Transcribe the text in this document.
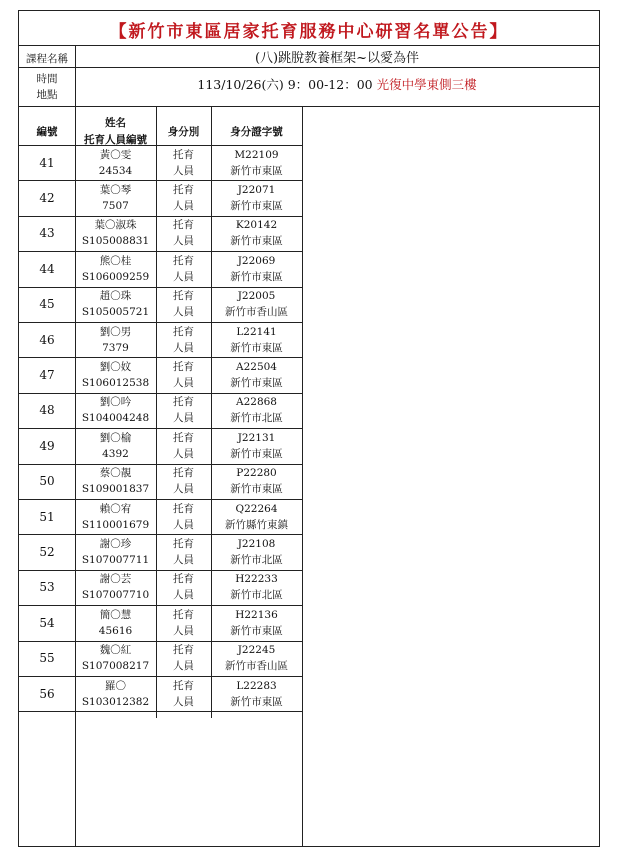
【新竹市東區居家托育服務中心研習名單公告】
課程名稱	(八)跳脫教養框架~以愛為伴
時間
地點
113/10/26(六) 9：00-12：00 光復中學東側三樓
編號
姓名
托育人員編號
身分別	身分證字號
41
黃〇雯
24534
托育
人員
M22109
新竹市東區
42
葉〇琴
7507
托育
人員
J22071
新竹市東區
43
葉〇淑珠
S105008831
托育
人員
K20142
新竹市東區
44
熊〇桂
S106009259
托育
人員
J22069
新竹市東區
45
趙〇珠
S105005721
托育
人員
J22005
新竹市香山區
46
劉〇男
7379
托育
人員
L22141
新竹市東區
47
劉〇妏
S106012538
托育
人員
A22504
新竹市東區
48
劉〇吟
S104004248
托育
人員
A22868
新竹市北區
49
劉〇榆
4392
托育
人員
J22131
新竹市東區
50
蔡〇靚
S109001837
托育
人員
P22280
新竹市東區
51
賴〇宥
S110001679
托育
人員
Q22264
新竹縣竹東鎮
52
謝〇珍
S107007711
托育
人員
J22108
新竹市北區
53
謝〇芸
S107007710
托育
人員
H22233
新竹市北區
54
簡〇慧
45616
托育
人員
H22136
新竹市東區
55
魏〇紅
S107008217
托育
人員
J22245
新竹市香山區
56
羅〇
S103012382
托育
人員
L22283
新竹市東區
